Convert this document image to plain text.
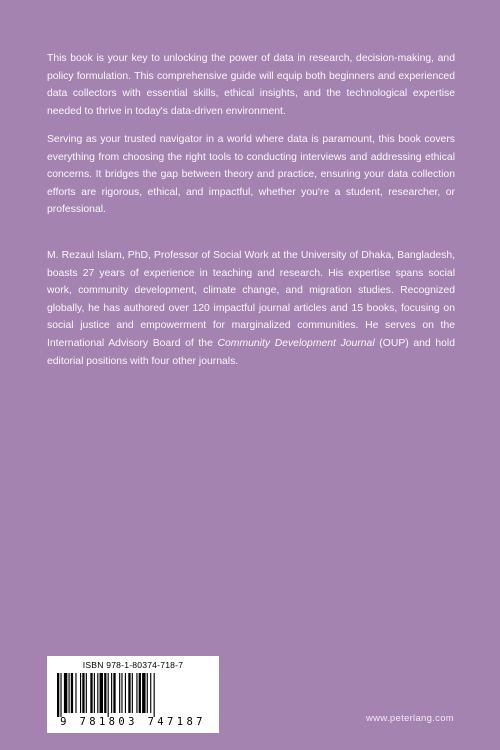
This book is your key to unlocking the power of data in research, decision-making, and policy formulation. This comprehensive guide will equip both beginners and experienced data collectors with essential skills, ethical insights, and the technological expertise needed to thrive in today's data-driven environment.

Serving as your trusted navigator in a world where data is paramount, this book covers everything from choosing the right tools to conducting interviews and addressing ethical concerns. It bridges the gap between theory and practice, ensuring your data collection efforts are rigorous, ethical, and impactful, whether you're a student, researcher, or professional.

M. Rezaul Islam, PhD, Professor of Social Work at the University of Dhaka, Bangladesh, boasts 27 years of experience in teaching and research. His expertise spans social work, community development, climate change, and migration studies. Recognized globally, he has authored over 120 impactful journal articles and 15 books, focusing on social justice and empowerment for marginalized communities. He serves on the International Advisory Board of the Community Development Journal (OUP) and hold editorial positions with four other journals.

ISBN 978-1-80374-718-7
9 781803 747187	www.peterlang.com
